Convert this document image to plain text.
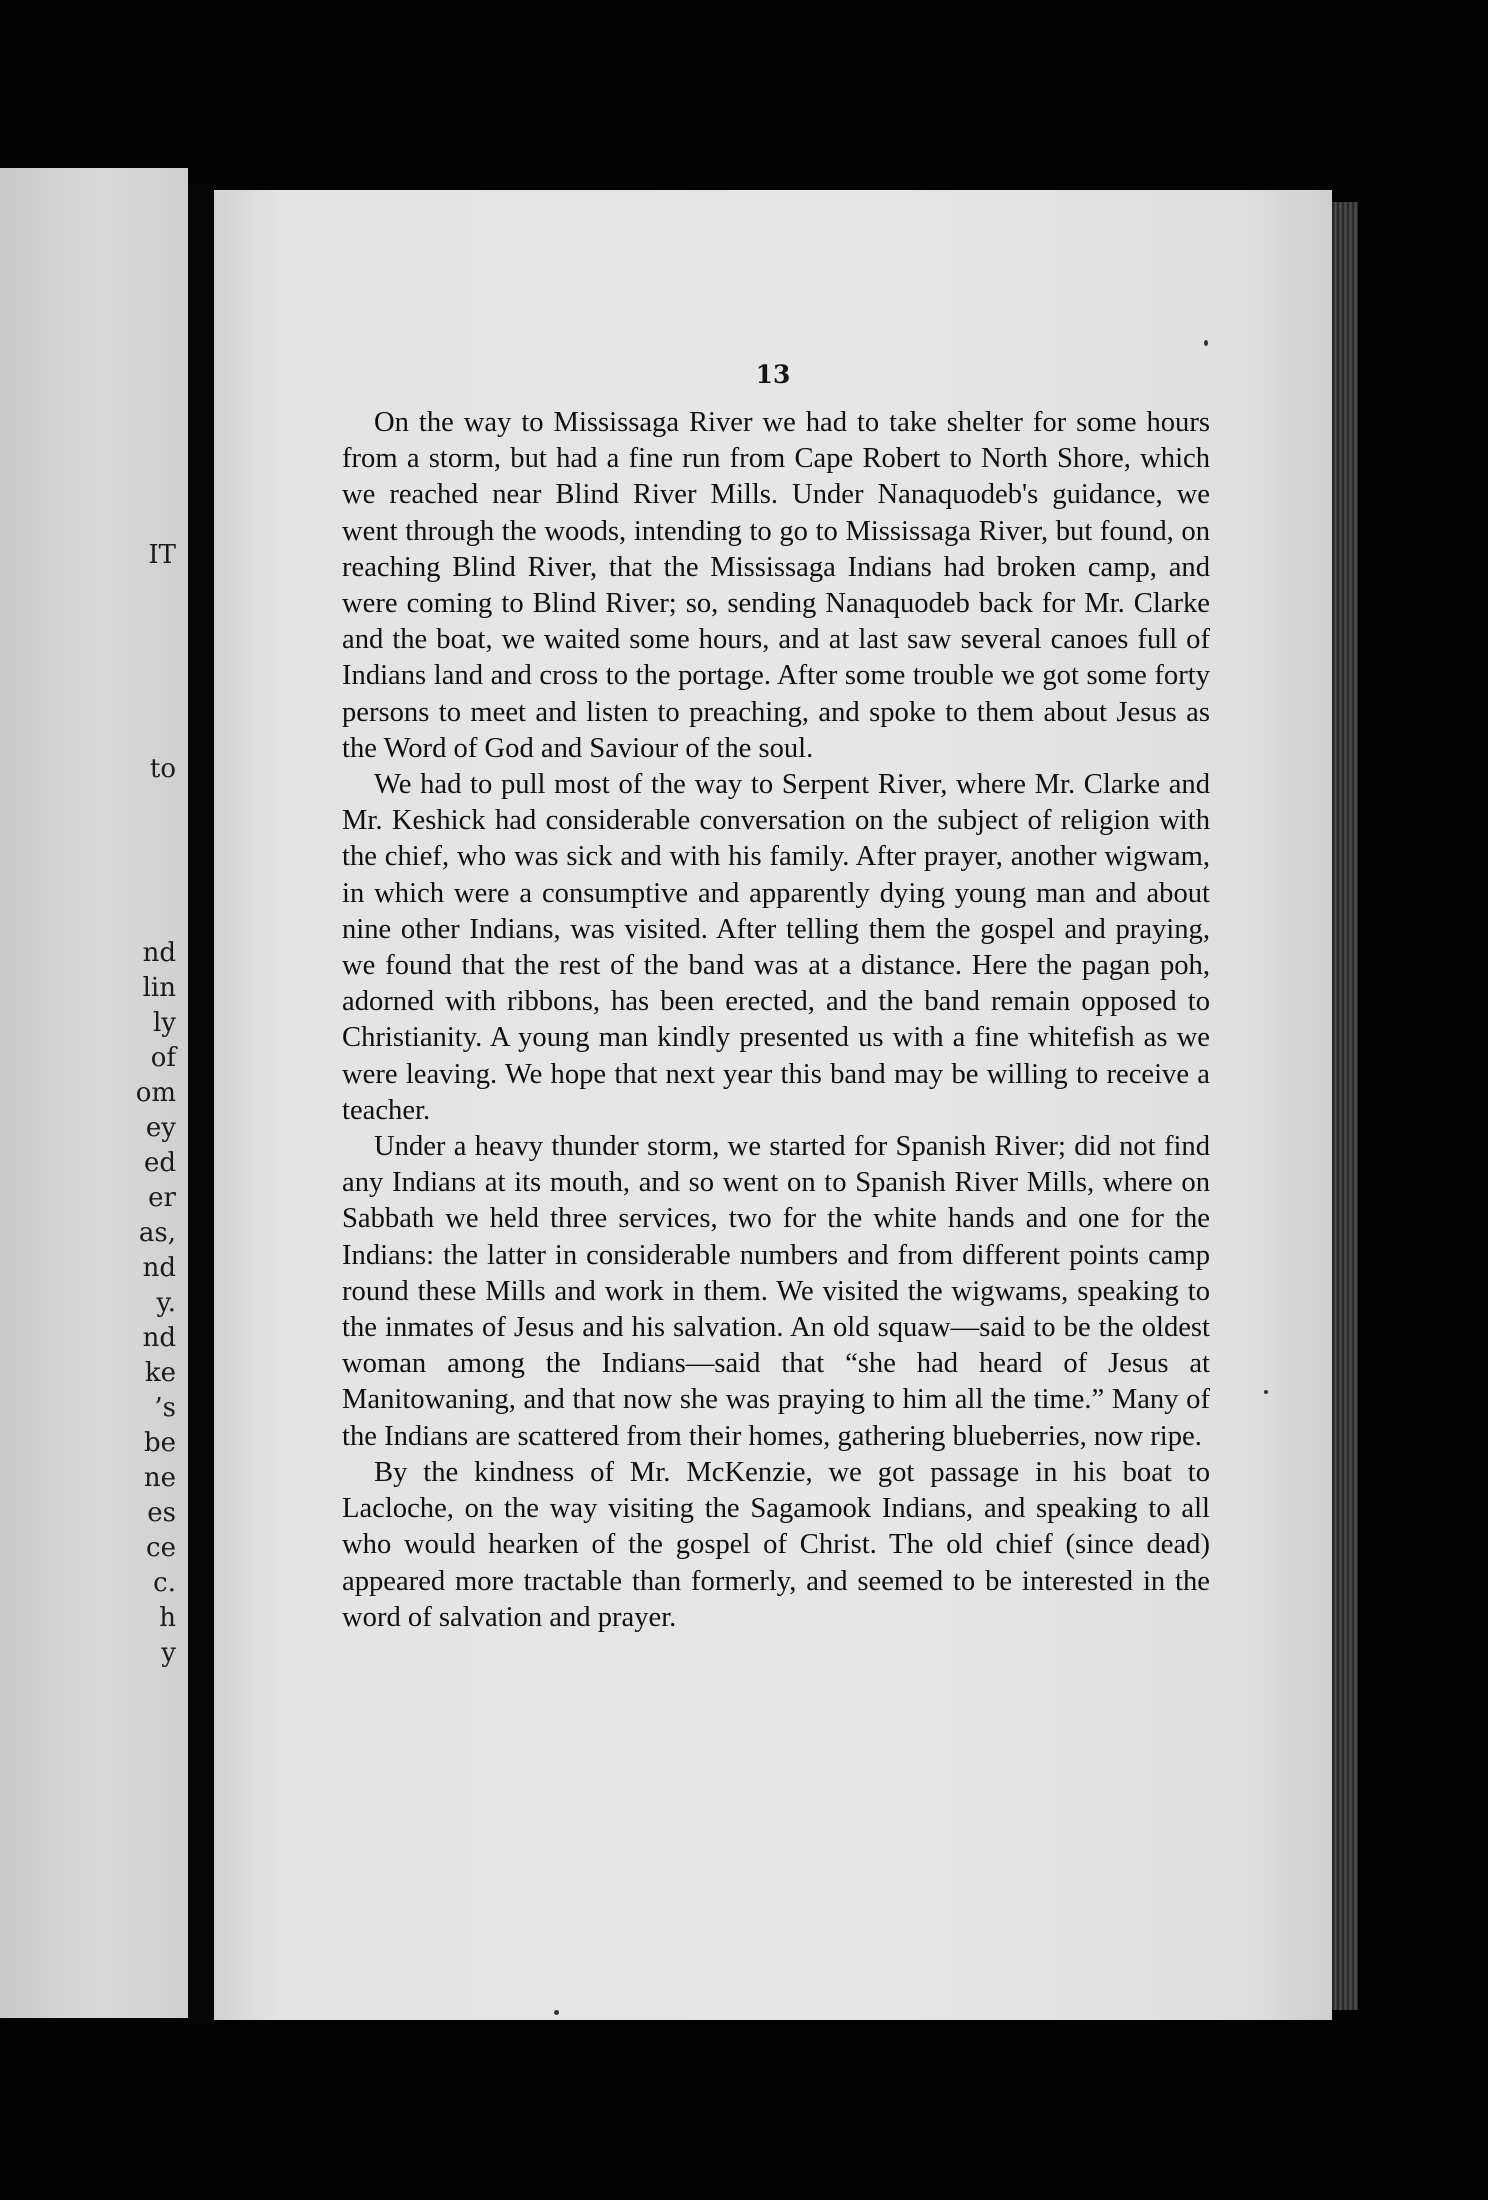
IT
to
nd
lin
ly
of
om
ey
ed
er
as,
nd
y.
nd
ke
’s
be
ne
es
ce
c.
h
y
13

On the way to Mississaga River we had to take shelter for some hours from a storm, but had a fine run from Cape Robert to North Shore, which we reached near Blind River Mills. Under Nanaquodeb's guidance, we went through the woods, intending to go to Mississaga River, but found, on reaching Blind River, that the Mississaga Indians had broken camp, and were coming to Blind River; so, sending Nanaquodeb back for Mr. Clarke and the boat, we waited some hours, and at last saw several canoes full of Indians land and cross to the portage. After some trouble we got some forty persons to meet and listen to preaching, and spoke to them about Jesus as the Word of God and Saviour of the soul.

We had to pull most of the way to Serpent River, where Mr. Clarke and Mr. Keshick had considerable conversation on the subject of religion with the chief, who was sick and with his family. After prayer, another wigwam, in which were a consumptive and apparently dying young man and about nine other Indians, was visited. After telling them the gospel and praying, we found that the rest of the band was at a distance. Here the pagan poh, adorned with ribbons, has been erected, and the band remain opposed to Christianity. A young man kindly presented us with a fine whitefish as we were leaving. We hope that next year this band may be willing to receive a teacher.

Under a heavy thunder storm, we started for Spanish River; did not find any Indians at its mouth, and so went on to Spanish River Mills, where on Sabbath we held three services, two for the white hands and one for the Indians: the latter in considerable numbers and from different points camp round these Mills and work in them. We visited the wigwams, speaking to the inmates of Jesus and his salvation. An old squaw—said to be the oldest woman among the Indians—said that “she had heard of Jesus at Manitowaning, and that now she was praying to him all the time.” Many of the Indians are scattered from their homes, gathering blueberries, now ripe.

By the kindness of Mr. McKenzie, we got passage in his boat to Lacloche, on the way visiting the Sagamook Indians, and speaking to all who would hearken of the gospel of Christ. The old chief (since dead) appeared more tractable than formerly, and seemed to be interested in the word of salvation and prayer.
